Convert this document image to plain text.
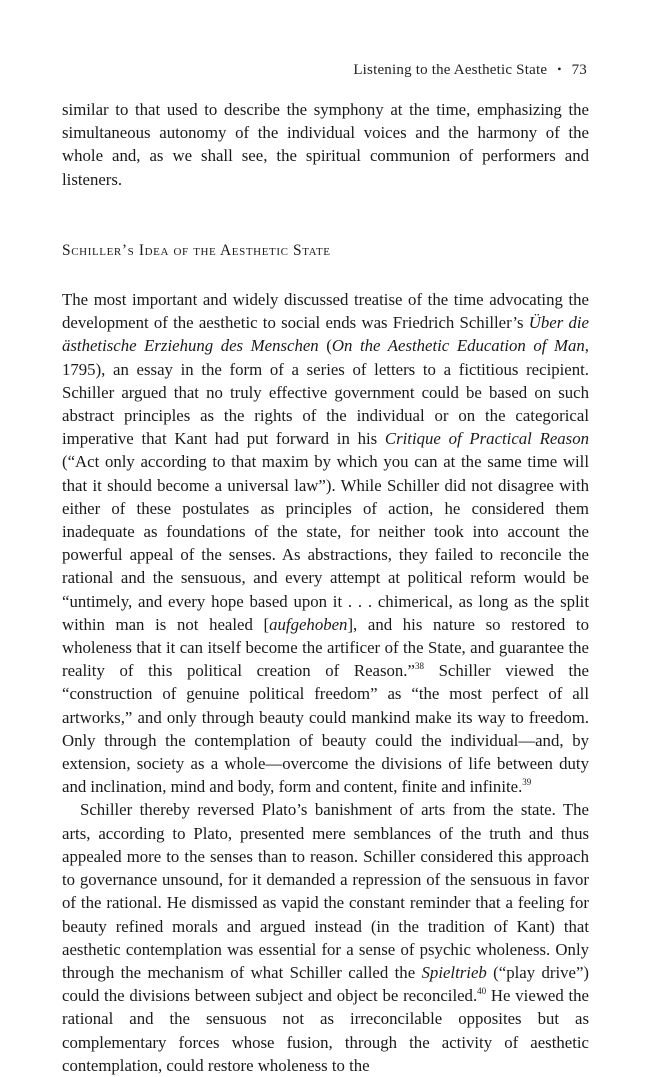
Listening to the Aesthetic State • 73

similar to that used to describe the symphony at the time, emphasizing the simultaneous autonomy of the individual voices and the harmony of the whole and, as we shall see, the spiritual communion of performers and listeners.

Schiller’s Idea of the Aesthetic State

The most important and widely discussed treatise of the time advocating the development of the aesthetic to social ends was Friedrich Schiller’s Über die ästhetische Erziehung des Menschen (On the Aesthetic Education of Man, 1795), an essay in the form of a series of letters to a fictitious recipient. Schiller argued that no truly effective government could be based on such abstract principles as the rights of the individual or on the categorical imperative that Kant had put forward in his Critique of Practical Reason (“Act only according to that maxim by which you can at the same time will that it should become a universal law”). While Schiller did not disagree with either of these postulates as principles of action, he considered them inadequate as foundations of the state, for neither took into account the powerful appeal of the senses. As abstractions, they failed to reconcile the rational and the sensuous, and every attempt at political reform would be “untimely, and every hope based upon it . . . chimerical, as long as the split within man is not healed [aufgehoben], and his nature so restored to wholeness that it can itself become the artificer of the State, and guarantee the reality of this political creation of Reason.”$^{38}$ Schiller viewed the “construction of genuine political freedom” as “the most perfect of all artworks,” and only through beauty could mankind make its way to freedom. Only through the contemplation of beauty could the individual—and, by extension, society as a whole—overcome the divisions of life between duty and inclination, mind and body, form and content, finite and infinite.$^{39}$

Schiller thereby reversed Plato’s banishment of arts from the state. The arts, according to Plato, presented mere semblances of the truth and thus appealed more to the senses than to reason. Schiller considered this approach to governance unsound, for it demanded a repression of the sensuous in favor of the rational. He dismissed as vapid the constant reminder that a feeling for beauty refined morals and argued instead (in the tradition of Kant) that aesthetic contemplation was essential for a sense of psychic wholeness. Only through the mechanism of what Schiller called the Spieltrieb (“play drive”) could the divisions between subject and object be reconciled.$^{40}$ He viewed the rational and the sensuous not as irreconcilable opposites but as complementary forces whose fusion, through the activity of aesthetic contemplation, could restore wholeness to the
